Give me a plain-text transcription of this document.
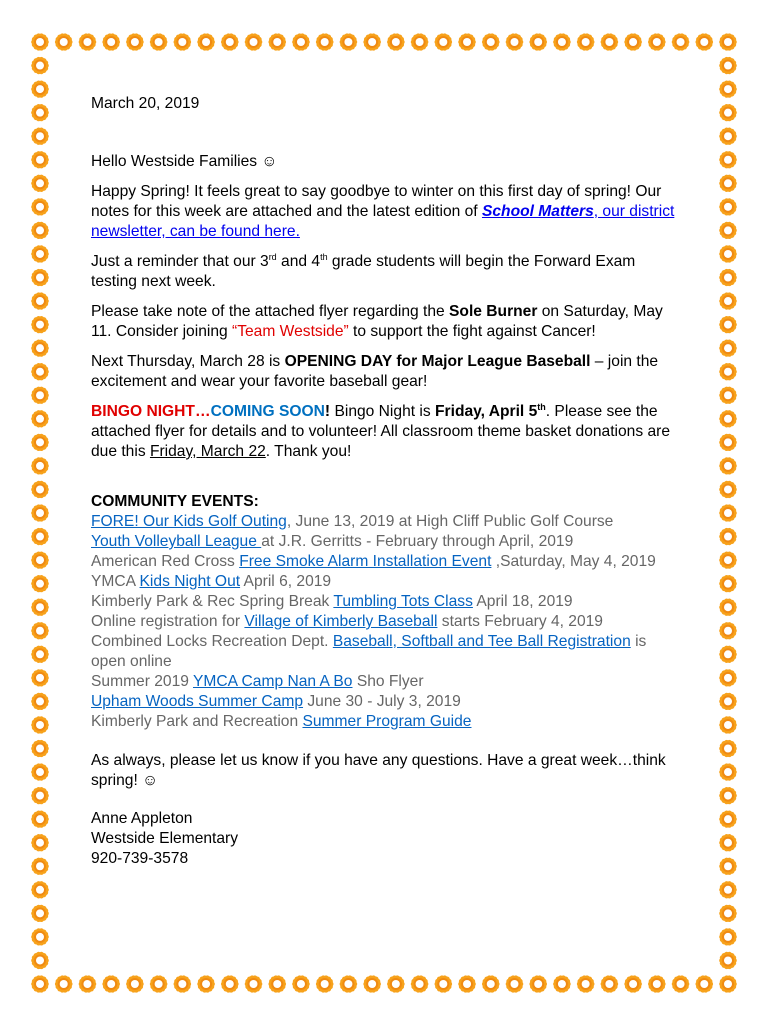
March 20, 2019

Hello Westside Families ☺

Happy Spring! It feels great to say goodbye to winter on this first day of spring! Our notes for this week are attached and the latest edition of School Matters, our district newsletter, can be found here.

Just a reminder that our 3rd and 4th grade students will begin the Forward Exam testing next week.

Please take note of the attached flyer regarding the Sole Burner on Saturday, May 11. Consider joining “Team Westside” to support the fight against Cancer!

Next Thursday, March 28 is OPENING DAY for Major League Baseball – join the excitement and wear your favorite baseball gear!

BINGO NIGHT…COMING SOON! Bingo Night is Friday, April 5th. Please see the attached flyer for details and to volunteer! All classroom theme basket donations are due this Friday, March 22. Thank you!

COMMUNITY EVENTS:

FORE! Our Kids Golf Outing, June 13, 2019 at High Cliff Public Golf Course

Youth Volleyball League at J.R. Gerritts - February through April, 2019

American Red Cross Free Smoke Alarm Installation Event ,Saturday, May 4, 2019

YMCA Kids Night Out April 6, 2019

Kimberly Park & Rec Spring Break Tumbling Tots Class April 18, 2019

Online registration for Village of Kimberly Baseball starts February 4, 2019

Combined Locks Recreation Dept. Baseball, Softball and Tee Ball Registration is open online

Summer 2019 YMCA Camp Nan A Bo Sho Flyer

Upham Woods Summer Camp June 30 - July 3, 2019

Kimberly Park and Recreation Summer Program Guide

As always, please let us know if you have any questions. Have a great week…think spring! ☺

Anne Appleton

Westside Elementary

920-739-3578
